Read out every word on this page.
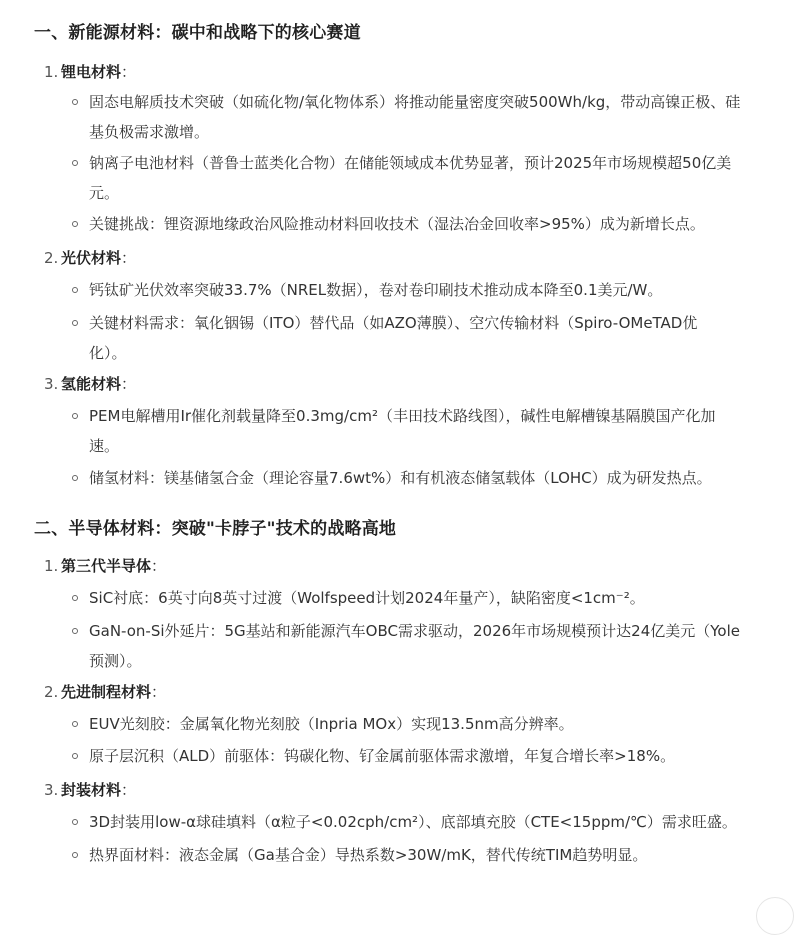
一、新能源材料：碳中和战略下的核心赛道
1. 锂电材料：
固态电解质技术突破（如硫化物/氧化物体系）将推动能量密度突破500Wh/kg，带动高镍正极、硅
基负极需求激增。
钠离子电池材料（普鲁士蓝类化合物）在储能领域成本优势显著，预计2025年市场规模超50亿美
元。
关键挑战：锂资源地缘政治风险推动材料回收技术（湿法冶金回收率>95%）成为新增长点。
2. 光伏材料：
钙钛矿光伏效率突破33.7%（NREL数据），卷对卷印刷技术推动成本降至0.1美元/W。
关键材料需求：氧化铟锡（ITO）替代品（如AZO薄膜）、空穴传输材料（Spiro-OMeTAD优
化）。
3. 氢能材料：
PEM电解槽用Ir催化剂载量降至0.3mg/cm²（丰田技术路线图），碱性电解槽镍基隔膜国产化加
速。
储氢材料：镁基储氢合金（理论容量7.6wt%）和有机液态储氢载体（LOHC）成为研发热点。
二、半导体材料：突破"卡脖子"技术的战略高地
1. 第三代半导体：
SiC衬底：6英寸向8英寸过渡（Wolfspeed计划2024年量产），缺陷密度<1cm⁻²。
GaN-on-Si外延片：5G基站和新能源汽车OBC需求驱动，2026年市场规模预计达24亿美元（Yole
预测）。
2. 先进制程材料：
EUV光刻胶：金属氧化物光刻胶（Inpria MOx）实现13.5nm高分辨率。
原子层沉积（ALD）前驱体：钨碳化物、钌金属前驱体需求激增，年复合增长率>18%。
3. 封装材料：
3D封装用low-α球硅填料（α粒子<0.02cph/cm²）、底部填充胶（CTE<15ppm/℃）需求旺盛。
热界面材料：液态金属（Ga基合金）导热系数>30W/mK，替代传统TIM趋势明显。
